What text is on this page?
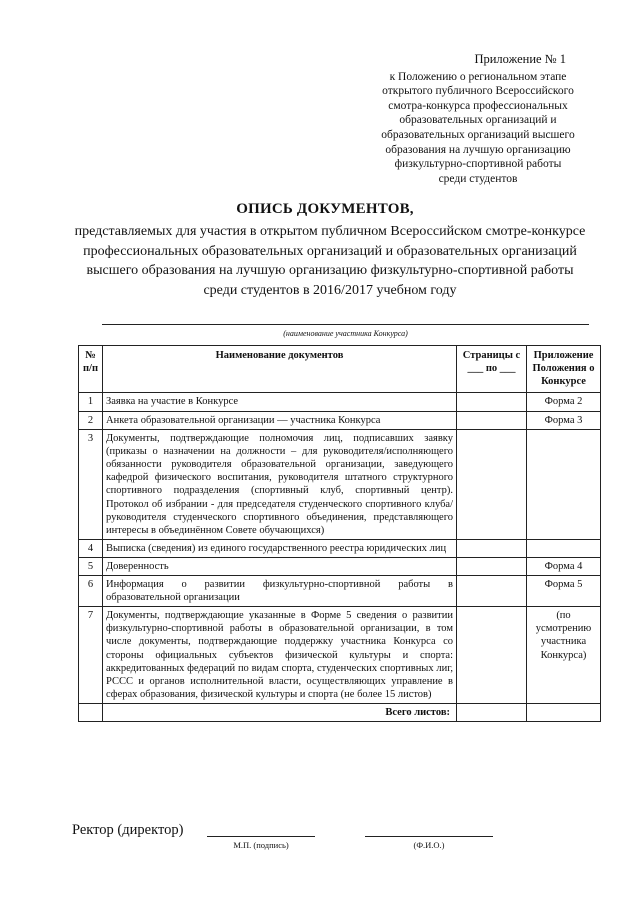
Приложение № 1
к Положению о региональном этапе
открытого публичного Всероссийского
смотра-конкурса профессиональных
образовательных организаций и
образовательных организаций высшего
образования на лучшую организацию
физкультурно-спортивной работы
среди студентов
ОПИСЬ ДОКУМЕНТОВ,
представляемых для участия в открытом публичном Всероссийском смотре-конкурсе профессиональных образовательных организаций и образовательных организаций высшего образования на лучшую организацию физкультурно-спортивной работы среди студентов в 2016/2017 учебном году
(наименование участника Конкурса)
№ п/п	Наименование документов	Страницы с ___ по ___	Приложение Положения о Конкурсе
1	Заявка на участие в Конкурсе		Форма 2
2	Анкета образовательной организации — участника Конкурса		Форма 3
3	Документы, подтверждающие полномочия лиц, подписавших заявку (приказы о назначении на должности – для руководителя/исполняющего обязанности руководителя образовательной организации, заведующего кафедрой физического воспитания, руководителя штатного структурного спортивного подразделения (спортивный клуб, спортивный центр). Протокол об избрании - для председателя студенческого спортивного клуба/руководителя студенческого спортивного объединения, представляющего интересы в объединённом Совете обучающихся)		
4	Выписка (сведения) из единого государственного реестра юридических лиц		
5	Доверенность		Форма 4
6	Информация о развитии физкультурно-спортивной работы в образовательной организации		Форма 5
7	Документы, подтверждающие указанные в Форме 5 сведения о развитии физкультурно-спортивной работы в образовательной организации, в том числе документы, подтверждающие поддержку участника Конкурса со стороны официальных субъектов физической культуры и спорта: аккредитованных федераций по видам спорта, студенческих спортивных лиг, РССС и органов исполнительной власти, осуществляющих управление в сферах образования, физической культуры и спорта (не более 15 листов)		(по усмотрению участника Конкурса)
	Всего листов:		
Ректор (директор)
М.П. (подпись)	(Ф.И.О.)
